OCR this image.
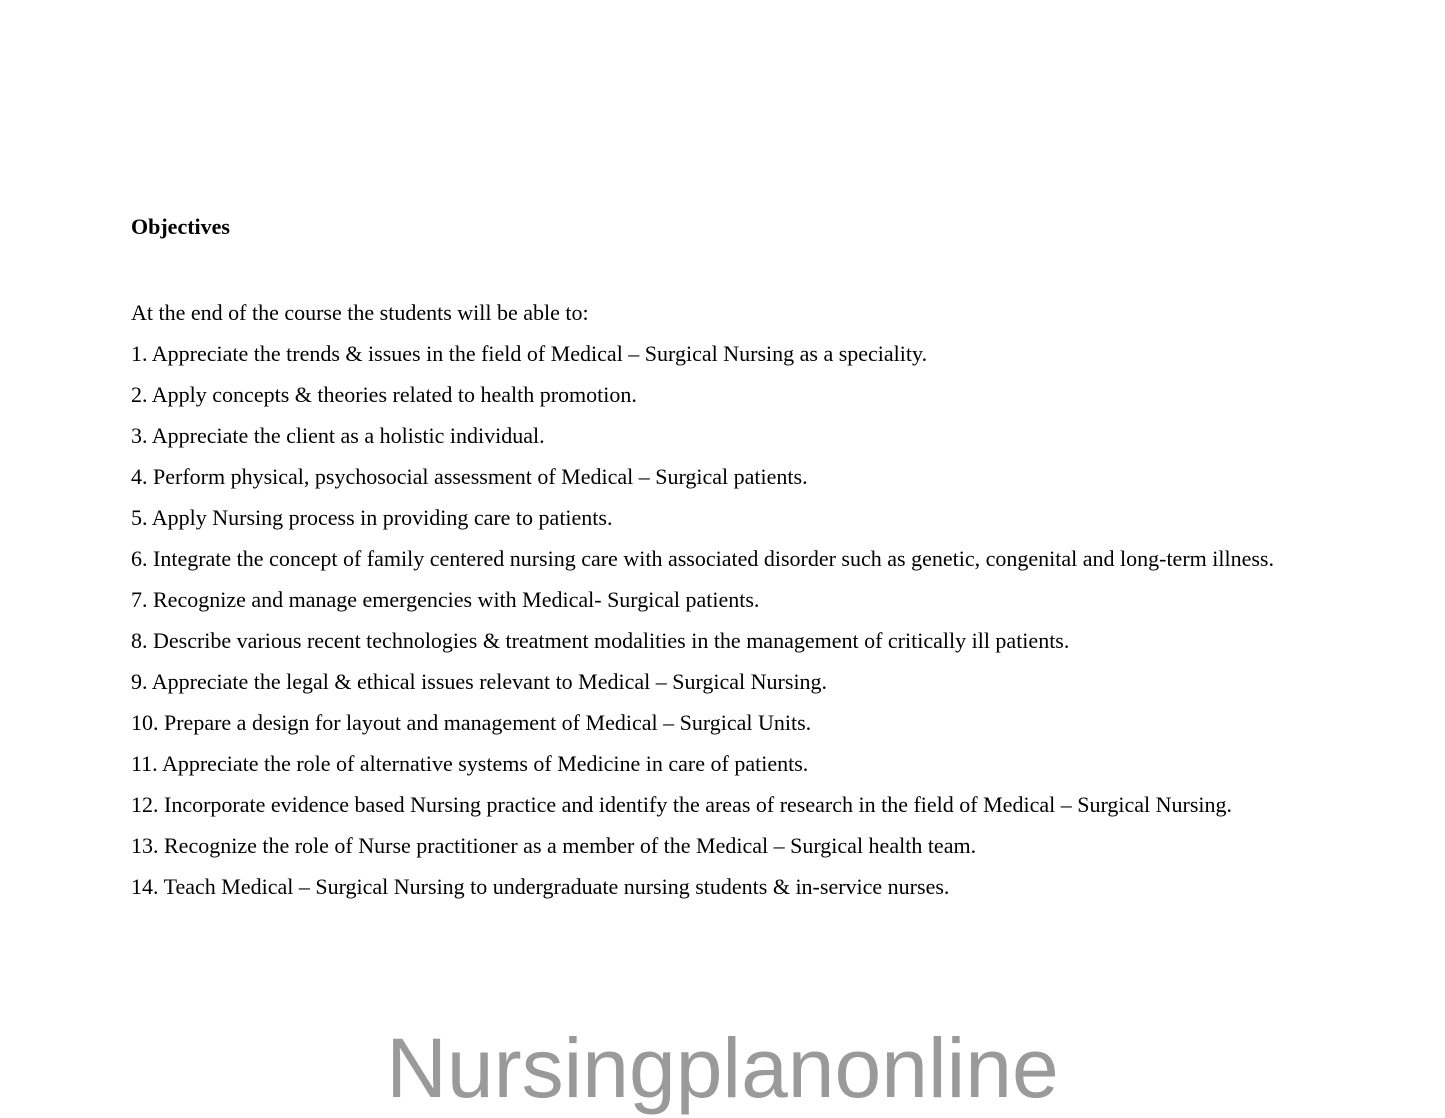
Objectives
At the end of the course the students will be able to:
1. Appreciate the trends & issues in the field of Medical – Surgical Nursing as a speciality.
2. Apply concepts & theories related to health promotion.
3. Appreciate the client as a holistic individual.
4. Perform physical, psychosocial assessment of Medical – Surgical patients.
5. Apply Nursing process in providing care to patients.
6. Integrate the concept of family centered nursing care with associated disorder such as genetic, congenital and long-term illness.
7. Recognize and manage emergencies with Medical- Surgical patients.
8. Describe various recent technologies & treatment modalities in the management of critically ill patients.
9. Appreciate the legal & ethical issues relevant to Medical – Surgical Nursing.
10. Prepare a design for layout and management of Medical – Surgical Units.
11. Appreciate the role of alternative systems of Medicine in care of patients.
12. Incorporate evidence based Nursing practice and identify the areas of research in the field of Medical – Surgical Nursing.
13. Recognize the role of Nurse practitioner as a member of the Medical – Surgical health team.
14. Teach Medical – Surgical Nursing to undergraduate nursing students & in-service nurses.
Nursingplanonline
